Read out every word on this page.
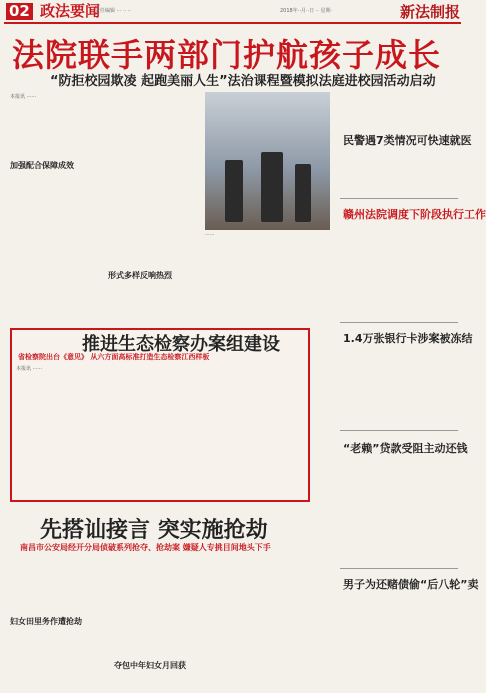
02 政法要闻
责任编辑 ··· ·· ··	2018年··月··日 ·· 星期·	新法制报
法院联手两部门护航孩子成长
“防拒校园欺凌 起跑美丽人生”法治课程暨模拟法庭进校园活动启动
本报讯 ······
加强配合保障成效
······
形式多样反响热烈
民警遇7类情况可快速就医
赣州法院调度下阶段执行工作
1.4万张银行卡涉案被冻结
“老赖”贷款受阻主动还钱
男子为还赌债偷“后八轮”卖
推进生态检察办案组建设
省检察院出台《意见》 从六方面高标准打造生态检察江西样板
本报讯 ······
先搭讪接言 突实施抢劫
南昌市公安局经开分局侦破系列抢夺、抢劫案 嫌疑人专挑目间地头下手
妇女田里务作遭抢劫
夺包中年妇女月回获
